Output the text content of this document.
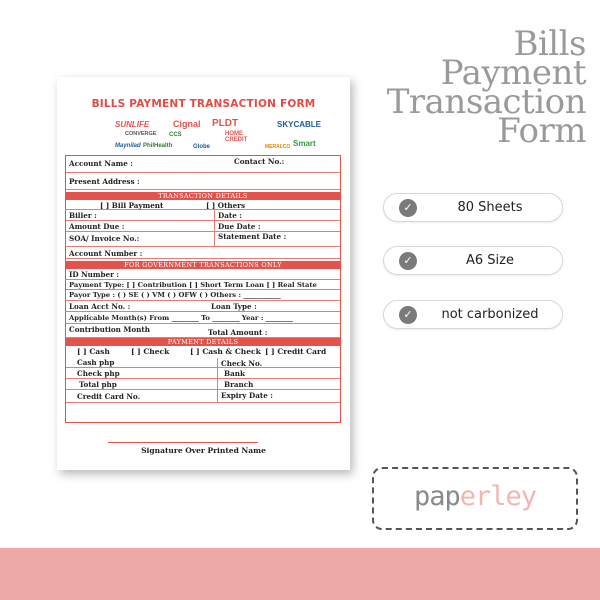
BILLS PAYMENT TRANSACTION FORM
SUNLIFE	Cignal PLDT	SKYCABLE
CONVERGE CCS	HOME CREDIT
Maynilad PhilHealth	Globe	MERALCO Smart
Account Name :	Contact No.:
Present Address :
TRANSACTION DETAILS
[ ] Bill Payment	[ ] Others
Biller :	Date :
Amount Due :	Due Date :
SOA/ Invoice No.:	Statement Date :
Account Number :
FOR GOVERNMENT TRANSACTIONS ONLY
ID Number :
Payment Type: [ ] Contribution [ ] Short Term Loan [ ] Real State
Payor Type : ( ) SE ( ) VM ( ) OFW ( ) Others : ___________
Loan Acct No. :	Loan Type :
Applicable Month(s) From ________ To ________ Year : ________
Contribution Month	Total Amount :
PAYMENT DETAILS
[ ] Cash	[ ] Check	[ ] Cash & Check [ ] Credit Card
Cash php	Check No.
Check php	Bank
Total php	Branch
Credit Card No.	Expiry Date :
Signature Over Printed Name
Bills
Payment
Transaction
Form
✓	80 Sheets
✓	A6 Size
✓	not carbonized
paperley
